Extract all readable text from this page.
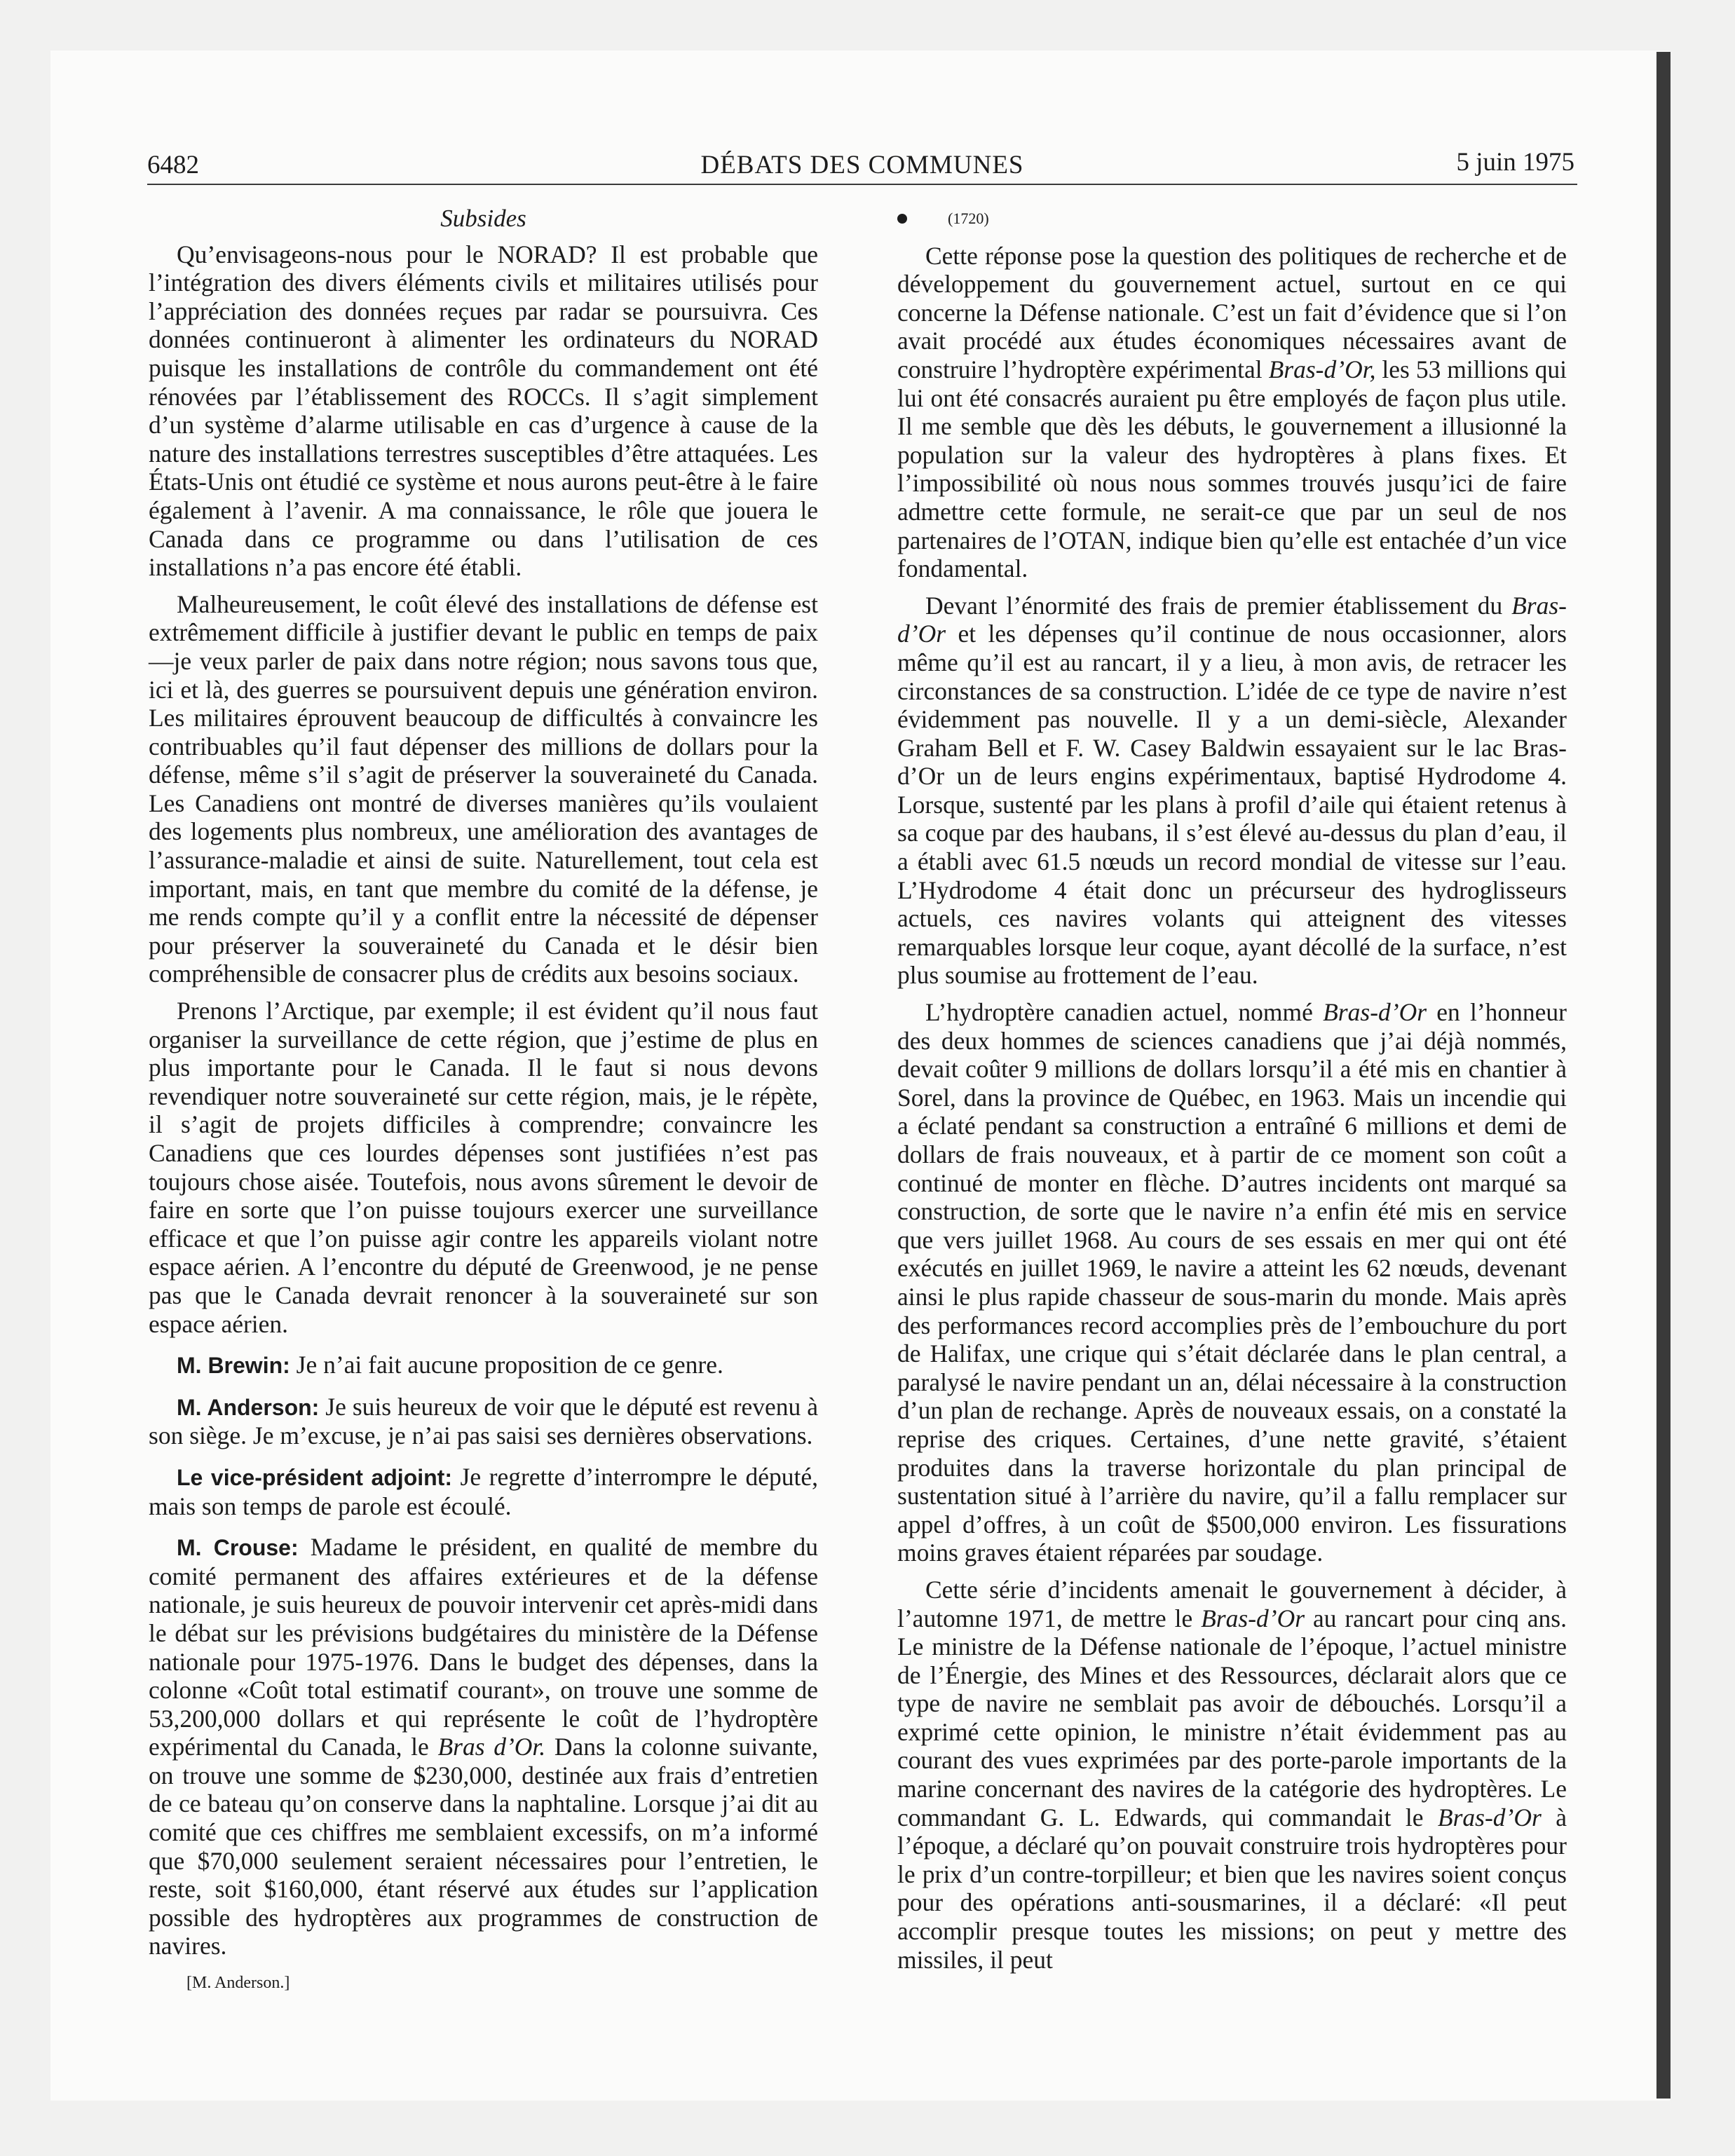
6482	DÉBATS DES COMMUNES	5 juin 1975
Subsides

Qu’envisageons-nous pour le NORAD? Il est probable que l’intégration des divers éléments civils et militaires utilisés pour l’appréciation des données reçues par radar se poursuivra. Ces données continueront à alimenter les ordinateurs du NORAD puisque les installations de contrôle du commandement ont été rénovées par l’établissement des ROCCs. Il s’agit simplement d’un système d’alarme utilisable en cas d’urgence à cause de la nature des installations terrestres susceptibles d’être attaquées. Les États-Unis ont étudié ce système et nous aurons peut-être à le faire également à l’avenir. A ma connaissance, le rôle que jouera le Canada dans ce programme ou dans l’utilisation de ces installations n’a pas encore été établi.

Malheureusement, le coût élevé des installations de défense est extrêmement difficile à justifier devant le public en temps de paix—je veux parler de paix dans notre région; nous savons tous que, ici et là, des guerres se poursuivent depuis une génération environ. Les militaires éprouvent beaucoup de difficultés à convaincre les contribuables qu’il faut dépenser des millions de dollars pour la défense, même s’il s’agit de préserver la souveraineté du Canada. Les Canadiens ont montré de diverses manières qu’ils voulaient des logements plus nombreux, une amélioration des avantages de l’assurance-maladie et ainsi de suite. Naturellement, tout cela est important, mais, en tant que membre du comité de la défense, je me rends compte qu’il y a conflit entre la nécessité de dépenser pour préserver la souveraineté du Canada et le désir bien compréhensible de consacrer plus de crédits aux besoins sociaux.

Prenons l’Arctique, par exemple; il est évident qu’il nous faut organiser la surveillance de cette région, que j’estime de plus en plus importante pour le Canada. Il le faut si nous devons revendiquer notre souveraineté sur cette région, mais, je le répète, il s’agit de projets difficiles à comprendre; convaincre les Canadiens que ces lourdes dépenses sont justifiées n’est pas toujours chose aisée. Toutefois, nous avons sûrement le devoir de faire en sorte que l’on puisse toujours exercer une surveillance efficace et que l’on puisse agir contre les appareils violant notre espace aérien. A l’encontre du député de Greenwood, je ne pense pas que le Canada devrait renoncer à la souveraineté sur son espace aérien.

M. Brewin: Je n’ai fait aucune proposition de ce genre.

M. Anderson: Je suis heureux de voir que le député est revenu à son siège. Je m’excuse, je n’ai pas saisi ses dernières observations.

Le vice-président adjoint: Je regrette d’interrompre le député, mais son temps de parole est écoulé.

M. Crouse: Madame le président, en qualité de membre du comité permanent des affaires extérieures et de la défense nationale, je suis heureux de pouvoir intervenir cet après-midi dans le débat sur les prévisions budgétaires du ministère de la Défense nationale pour 1975-1976. Dans le budget des dépenses, dans la colonne «Coût total estimatif courant», on trouve une somme de 53,200,000 dollars et qui représente le coût de l’hydroptère expérimental du Canada, le Bras d’Or. Dans la colonne suivante, on trouve une somme de $230,000, destinée aux frais d’entretien de ce bateau qu’on conserve dans la naphtaline. Lorsque j’ai dit au comité que ces chiffres me semblaient excessifs, on m’a informé que $70,000 seulement seraient nécessaires pour l’entretien, le reste, soit $160,000, étant réservé aux études sur l’application possible des hydroptères aux programmes de construction de navires.

[M. Anderson.]

(1720)

Cette réponse pose la question des politiques de recherche et de développement du gouvernement actuel, surtout en ce qui concerne la Défense nationale. C’est un fait d’évidence que si l’on avait procédé aux études économiques nécessaires avant de construire l’hydroptère expérimental Bras-d’Or, les 53 millions qui lui ont été consacrés auraient pu être employés de façon plus utile. Il me semble que dès les débuts, le gouvernement a illusionné la population sur la valeur des hydroptères à plans fixes. Et l’impossibilité où nous nous sommes trouvés jusqu’ici de faire admettre cette formule, ne serait-ce que par un seul de nos partenaires de l’OTAN, indique bien qu’elle est entachée d’un vice fondamental.

Devant l’énormité des frais de premier établissement du Bras-d’Or et les dépenses qu’il continue de nous occasionner, alors même qu’il est au rancart, il y a lieu, à mon avis, de retracer les circonstances de sa construction. L’idée de ce type de navire n’est évidemment pas nouvelle. Il y a un demi-siècle, Alexander Graham Bell et F. W. Casey Baldwin essayaient sur le lac Bras-d’Or un de leurs engins expérimentaux, baptisé Hydrodome 4. Lorsque, sustenté par les plans à profil d’aile qui étaient retenus à sa coque par des haubans, il s’est élevé au-dessus du plan d’eau, il a établi avec 61.5 nœuds un record mondial de vitesse sur l’eau. L’Hydrodome 4 était donc un précurseur des hydroglisseurs actuels, ces navires volants qui atteignent des vitesses remarquables lorsque leur coque, ayant décollé de la surface, n’est plus soumise au frottement de l’eau.

L’hydroptère canadien actuel, nommé Bras-d’Or en l’honneur des deux hommes de sciences canadiens que j’ai déjà nommés, devait coûter 9 millions de dollars lorsqu’il a été mis en chantier à Sorel, dans la province de Québec, en 1963. Mais un incendie qui a éclaté pendant sa construction a entraîné 6 millions et demi de dollars de frais nouveaux, et à partir de ce moment son coût a continué de monter en flèche. D’autres incidents ont marqué sa construction, de sorte que le navire n’a enfin été mis en service que vers juillet 1968. Au cours de ses essais en mer qui ont été exécutés en juillet 1969, le navire a atteint les 62 nœuds, devenant ainsi le plus rapide chasseur de sous-marin du monde. Mais après des performances record accomplies près de l’embouchure du port de Halifax, une crique qui s’était déclarée dans le plan central, a paralysé le navire pendant un an, délai nécessaire à la construction d’un plan de rechange. Après de nouveaux essais, on a constaté la reprise des criques. Certaines, d’une nette gravité, s’étaient produites dans la traverse horizontale du plan principal de sustentation situé à l’arrière du navire, qu’il a fallu remplacer sur appel d’offres, à un coût de $500,000 environ. Les fissurations moins graves étaient réparées par soudage.

Cette série d’incidents amenait le gouvernement à décider, à l’automne 1971, de mettre le Bras-d’Or au rancart pour cinq ans. Le ministre de la Défense nationale de l’époque, l’actuel ministre de l’Énergie, des Mines et des Ressources, déclarait alors que ce type de navire ne semblait pas avoir de débouchés. Lorsqu’il a exprimé cette opinion, le ministre n’était évidemment pas au courant des vues exprimées par des porte-parole importants de la marine concernant des navires de la catégorie des hydroptères. Le commandant G. L. Edwards, qui commandait le Bras-d’Or à l’époque, a déclaré qu’on pouvait construire trois hydroptères pour le prix d’un contre-torpilleur; et bien que les navires soient conçus pour des opérations anti-sousmarines, il a déclaré: «Il peut accomplir presque toutes les missions; on peut y mettre des missiles, il peut
